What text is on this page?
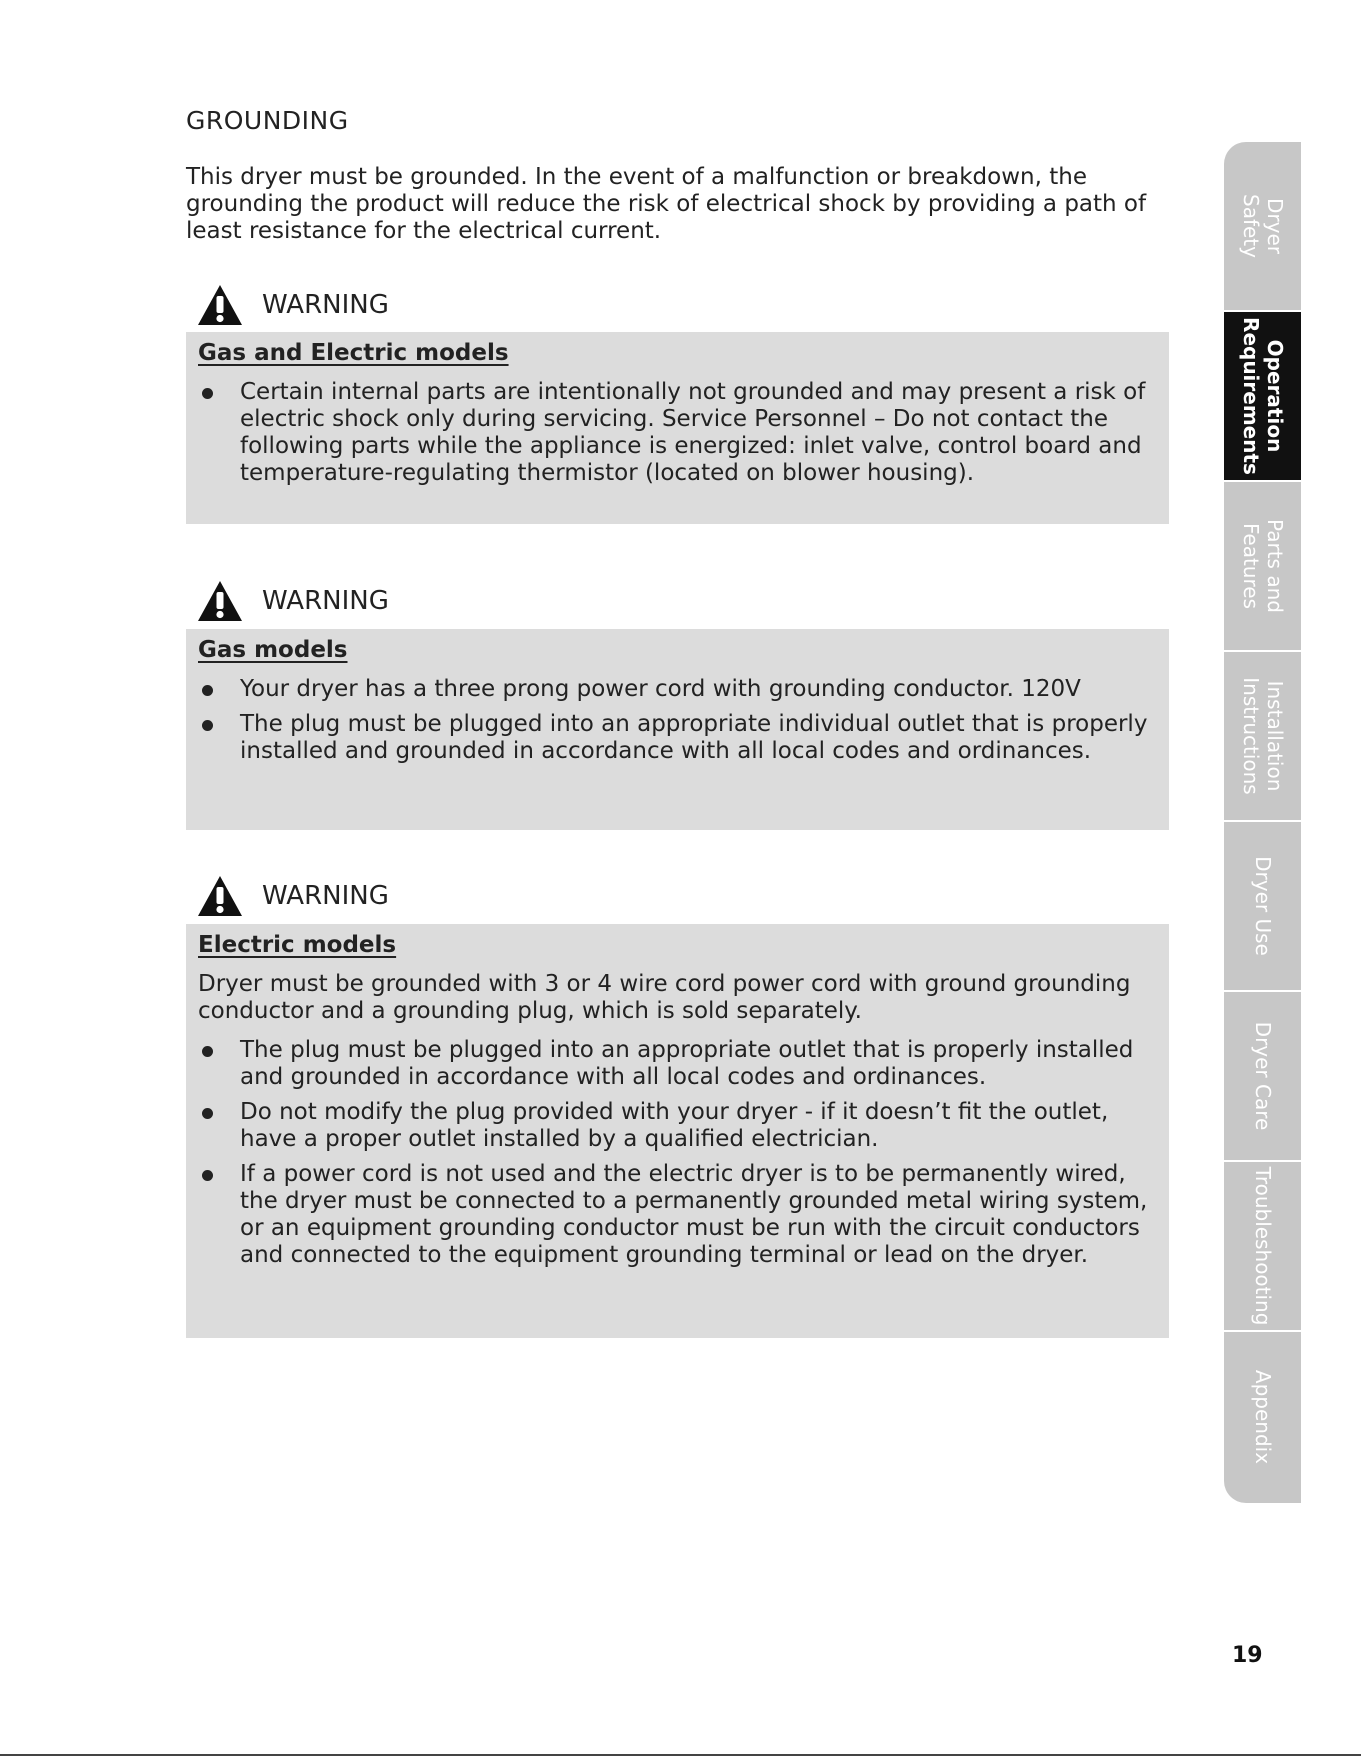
GROUNDING
This dryer must be grounded. In the event of a malfunction or breakdown, the grounding the product will reduce the risk of electrical shock by providing a path of least resistance for the electrical current.
WARNING
Gas and Electric models
Certain internal parts are intentionally not grounded and may present a risk of electric shock only during servicing. Service Personnel – Do not contact the following parts while the appliance is energized: inlet valve, control board and temperature-regulating thermistor (located on blower housing).
WARNING
Gas models
Your dryer has a three prong power cord with grounding conductor. 120V
The plug must be plugged into an appropriate individual outlet that is properly installed and grounded in accordance with all local codes and ordinances.
WARNING
Electric models
Dryer must be grounded with 3 or 4 wire cord power cord with ground grounding conductor and a grounding plug, which is sold separately.
The plug must be plugged into an appropriate outlet that is properly installed and grounded in accordance with all local codes and ordinances.
Do not modify the plug provided with your dryer - if it doesn’t fit the outlet, have a proper outlet installed by a qualified electrician.
If a power cord is not used and the electric dryer is to be permanently wired, the dryer must be connected to a permanently grounded metal wiring system, or an equipment grounding conductor must be run with the circuit conductors and connected to the equipment grounding terminal or lead on the dryer.
Dryer
Safety
Operation
Requirements
Parts and
Features
Installation
Instructions
Dryer Use
Dryer Care
Troubleshooting
Appendix
19
